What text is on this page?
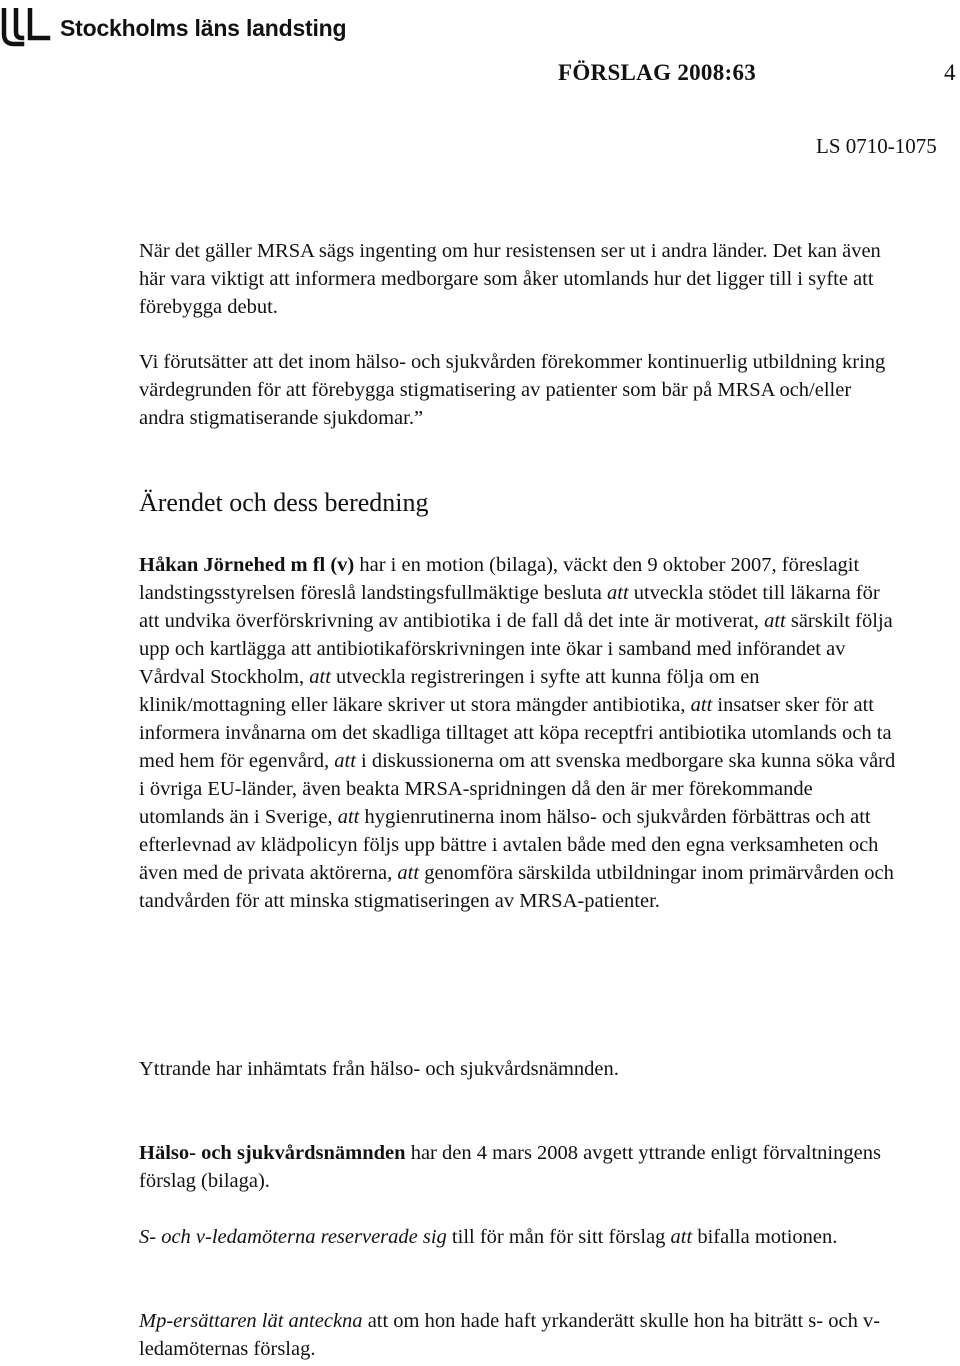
Stockholms läns landsting
FÖRSLAG 2008:63	4
LS 0710-1075

När det gäller MRSA sägs ingenting om hur resistensen ser ut i andra länder. Det kan även här vara viktigt att informera medborgare som åker utomlands hur det ligger till i syfte att förebygga debut.

Vi förutsätter att det inom hälso- och sjukvården förekommer kontinuerlig utbildning kring värdegrunden för att förebygga stigmatisering av patienter som bär på MRSA och/eller andra stigmatiserande sjukdomar.”

Ärendet och dess beredning

Håkan Jörnehed m fl (v) har i en motion (bilaga), väckt den 9 oktober 2007, föreslagit landstingsstyrelsen föreslå landstingsfullmäktige besluta att utveckla stödet till läkarna för att undvika överförskrivning av antibiotika i de fall då det inte är motiverat, att särskilt följa upp och kartlägga att antibiotikaförskrivningen inte ökar i samband med införandet av Vårdval Stockholm, att utveckla registreringen i syfte att kunna följa om en klinik/mottagning eller läkare skriver ut stora mängder antibiotika, att insatser sker för att informera invånarna om det skadliga tilltaget att köpa receptfri antibiotika utomlands och ta med hem för egenvård, att i diskussionerna om att svenska medborgare ska kunna söka vård i övriga EU-länder, även beakta MRSA-spridningen då den är mer förekommande utomlands än i Sverige, att hygienrutinerna inom hälso- och sjukvården förbättras och att efterlevnad av klädpolicyn följs upp bättre i avtalen både med den egna verksamheten och även med de privata aktörerna, att genomföra särskilda utbildningar inom primärvården och tandvården för att minska stigmatiseringen av MRSA-patienter.

Yttrande har inhämtats från hälso- och sjukvårdsnämnden.

Hälso- och sjukvårdsnämnden har den 4 mars 2008 avgett yttrande enligt förvaltningens förslag (bilaga).

S- och v-ledamöterna reserverade sig till för mån för sitt förslag att bifalla motionen.

Mp-ersättaren lät anteckna att om hon hade haft yrkanderätt skulle hon ha biträtt s- och v-ledamöternas förslag.
